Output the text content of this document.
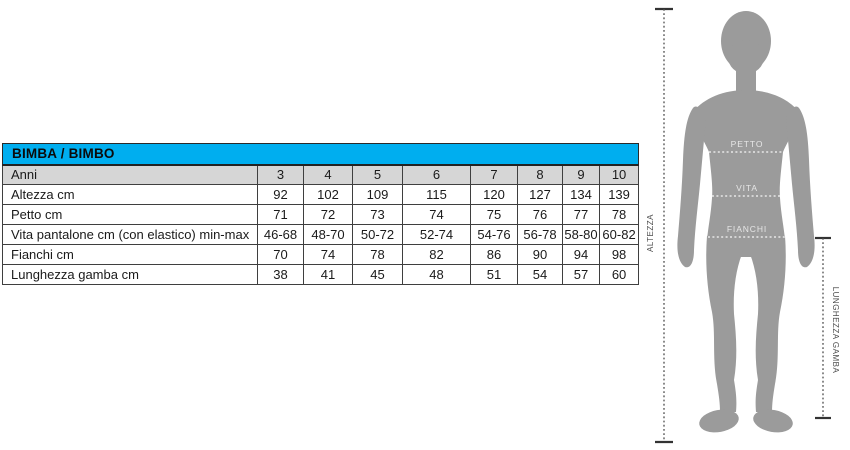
BIMBA / BIMBO								
Anni	3	4	5	6	7	8	9	10
Altezza cm	92	102	109	115	120	127	134	139
Petto cm	71	72	73	74	75	76	77	78
Vita pantalone cm (con elastico) min-max	46-68	48-70	50-72	52-74	54-76	56-78	58-80	60-82
Fianchi cm	70	74	78	82	86	90	94	98
Lunghezza gamba cm	38	41	45	48	51	54	57	60
PETTO
VITA
FIANCHI
ALTEZZA
LUNGHEZZA GAMBA
